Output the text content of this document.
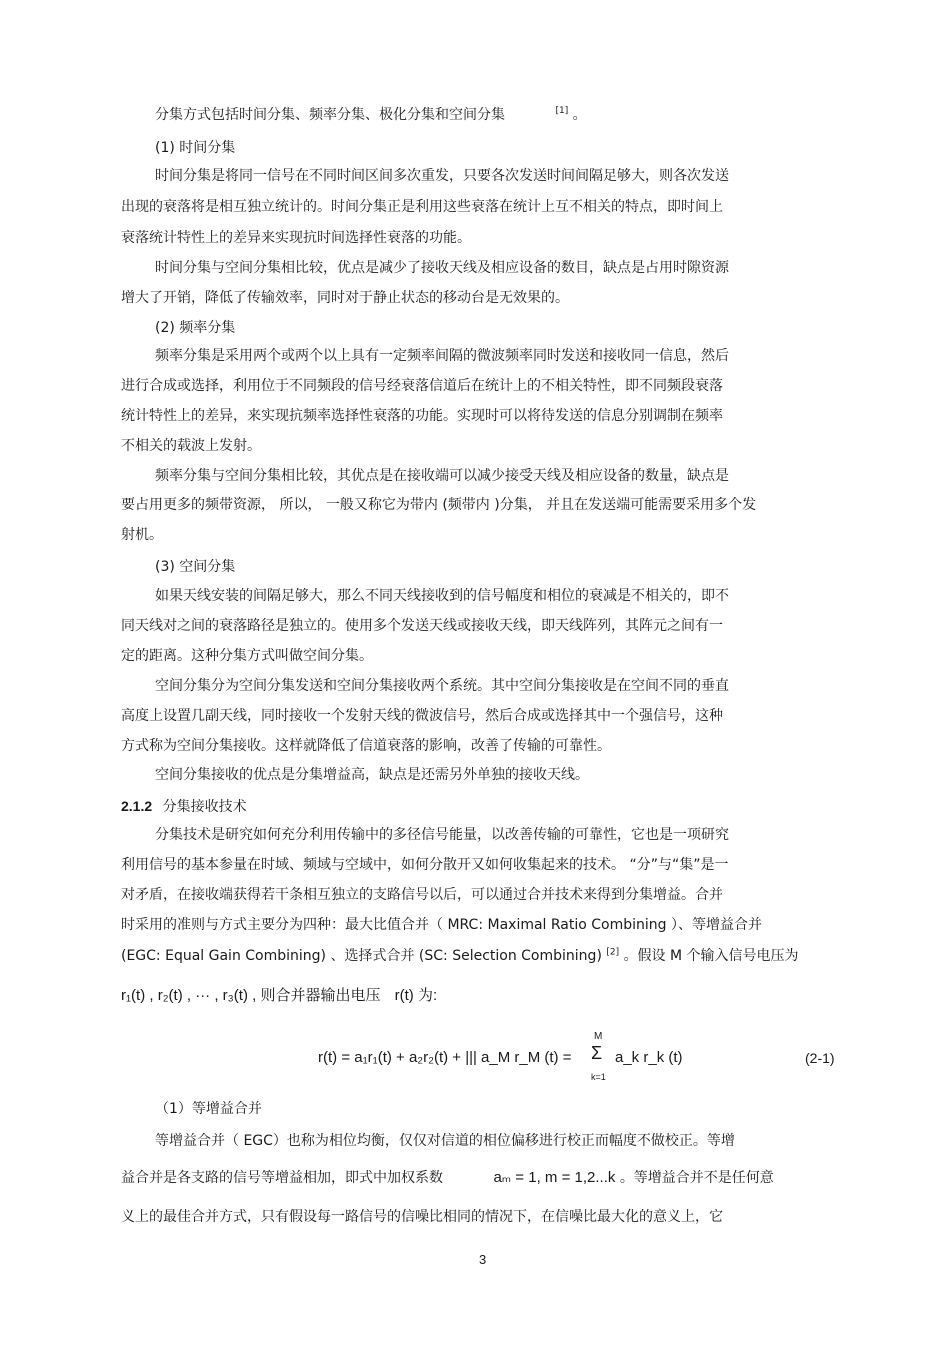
分集方式包括时间分集、频率分集、极化分集和空间分集	[1] 。
(1) 时间分集
时间分集是将同一信号在不同时间区间多次重发，只要各次发送时间间隔足够大，则各次发送
出现的衰落将是相互独立统计的。时间分集正是利用这些衰落在统计上互不相关的特点，即时间上
衰落统计特性上的差异来实现抗时间选择性衰落的功能。
时间分集与空间分集相比较，优点是减少了接收天线及相应设备的数目，缺点是占用时隙资源
增大了开销，降低了传输效率，同时对于静止状态的移动台是无效果的。
(2) 频率分集
频率分集是采用两个或两个以上具有一定频率间隔的微波频率同时发送和接收同一信息，然后
进行合成或选择，利用位于不同频段的信号经衰落信道后在统计上的不相关特性，即不同频段衰落
统计特性上的差异，来实现抗频率选择性衰落的功能。实现时可以将待发送的信息分别调制在频率
不相关的载波上发射。
频率分集与空间分集相比较，其优点是在接收端可以减少接受天线及相应设备的数量，缺点是
要占用更多的频带资源， 所以， 一般又称它为带内 (频带内 )分集， 并且在发送端可能需要采用多个发
射机。
(3) 空间分集
如果天线安装的间隔足够大，那么不同天线接收到的信号幅度和相位的衰减是不相关的，即不
同天线对之间的衰落路径是独立的。使用多个发送天线或接收天线，即天线阵列，其阵元之间有一
定的距离。这种分集方式叫做空间分集。
空间分集分为空间分集发送和空间分集接收两个系统。其中空间分集接收是在空间不同的垂直
高度上设置几副天线，同时接收一个发射天线的微波信号，然后合成或选择其中一个强信号，这种
方式称为空间分集接收。这样就降低了信道衰落的影响，改善了传输的可靠性。
空间分集接收的优点是分集增益高，缺点是还需另外单独的接收天线。
2.1.2 分集接收技术
分集技术是研究如何充分利用传输中的多径信号能量，以改善传输的可靠性，它也是一项研究
利用信号的基本参量在时域、频域与空域中，如何分散开又如何收集起来的技术。 “分”与“集”是一
对矛盾，在接收端获得若干条相互独立的支路信号以后，可以通过合并技术来得到分集增益。合并
时采用的准则与方式主要分为四种：最大比值合并（ MRC: Maximal Ratio Combining ）、等增益合并
(EGC: Equal Gain Combining) 、选择式合并 (SC: Selection Combining) [2] 。假设 M 个输入信号电压为
r₁(t) , r₂(t) , ··· , r₃(t) , 则合并器输出电压 r(t) 为:
r(t) = a₁r₁(t) + a₂r₂(t) + ||| a_M r_M (t) =
M
Σ
k=1
a_k r_k (t)	(2-1)
（1）等增益合并
等增益合并（ EGC）也称为相位均衡，仅仅对信道的相位偏移进行校正而幅度不做校正。等增
益合并是各支路的信号等增益相加，即式中加权系数	aₘ = 1, m = 1,2...k 。等增益合并不是任何意
义上的最佳合并方式，只有假设每一路信号的信噪比相同的情况下，在信噪比最大化的意义上，它
3
